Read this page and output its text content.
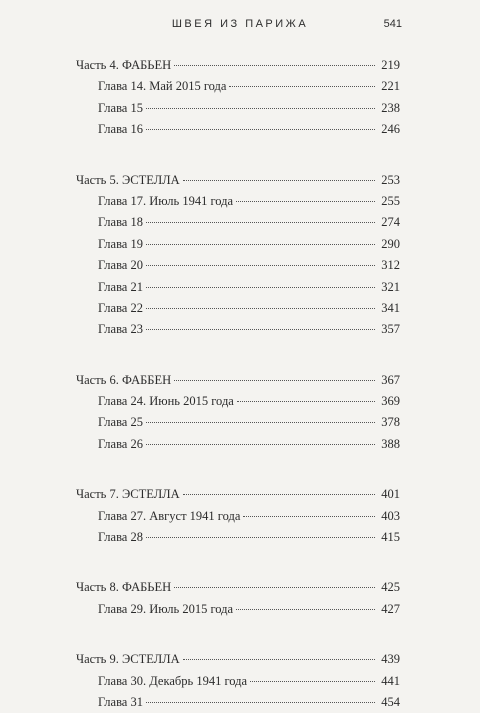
ШВЕЯ ИЗ ПАРИЖА	541
Часть 4. ФАБЬЕН	219
Глава 14. Май 2015 года	221
Глава 15	238
Глава 16	246
Часть 5. ЭСТЕЛЛА	253
Глава 17. Июль 1941 года	255
Глава 18	274
Глава 19	290
Глава 20	312
Глава 21	321
Глава 22	341
Глава 23	357
Часть 6. ФАББЕН	367
Глава 24. Июнь 2015 года	369
Глава 25	378
Глава 26	388
Часть 7. ЭСТЕЛЛА	401
Глава 27. Август 1941 года	403
Глава 28	415
Часть 8. ФАБЬЕН	425
Глава 29. Июль 2015 года	427
Часть 9. ЭСТЕЛЛА	439
Глава 30. Декабрь 1941 года	441
Глава 31	454
